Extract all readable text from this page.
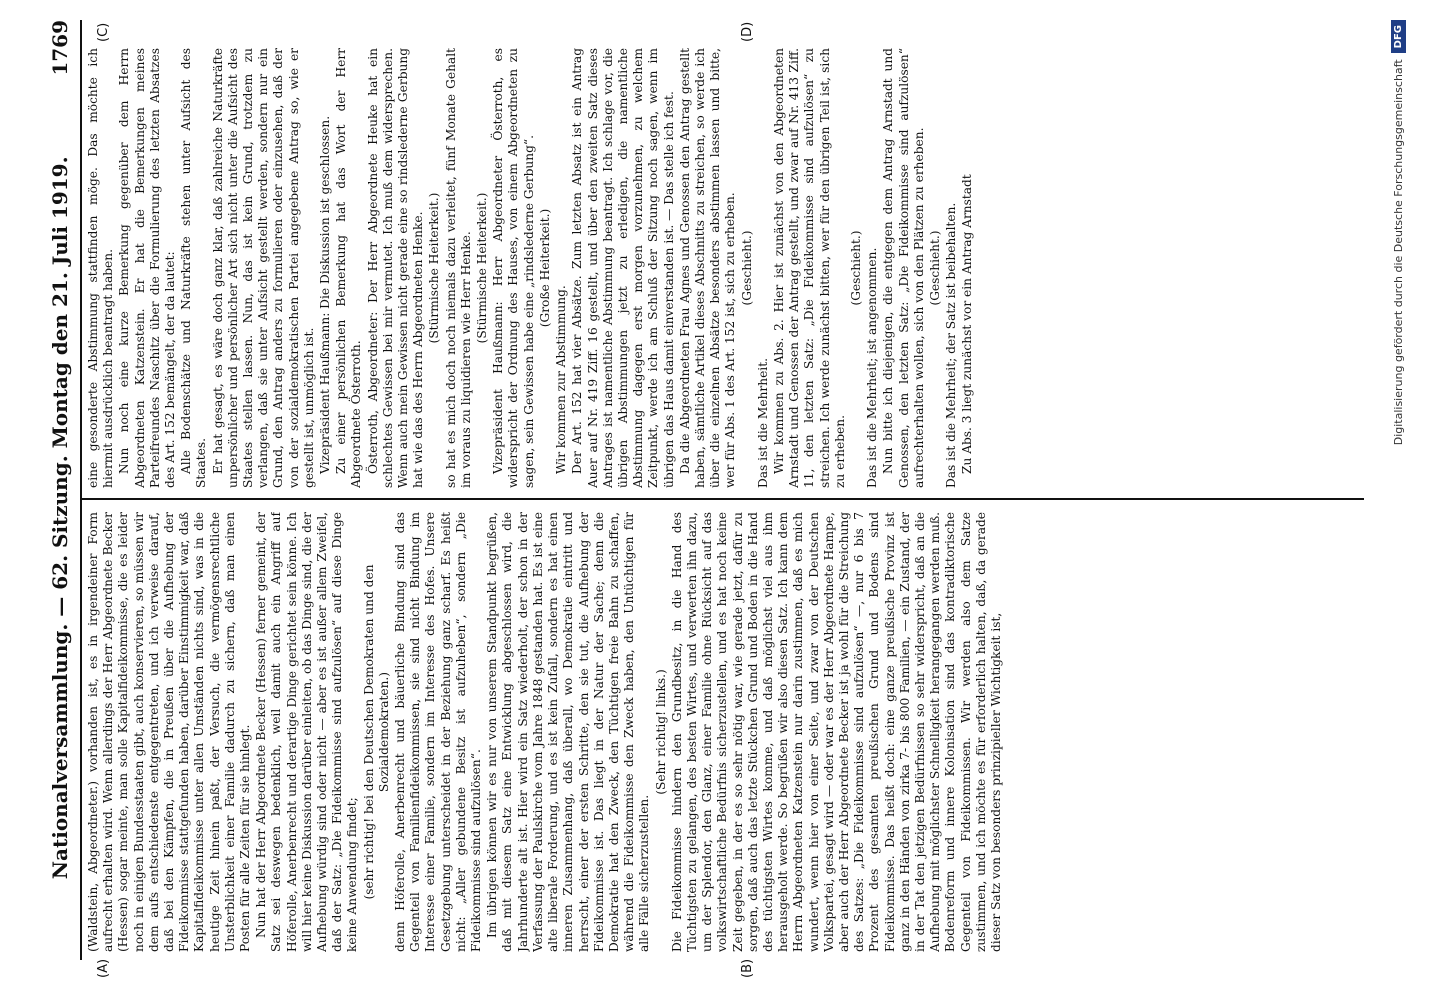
Nationalversammlung. — 62. Sitzung. Montag den 21. Juli 1919.
1769
(A)	(B)
(C)	(D)

(Waldstein, Abgeordneter.) vorhanden ist, es in irgendeiner Form aufrecht erhalten wird. Wenn allerdings der Herr Abgeordnete Becker (Hessen) sogar meinte, man solle Kapitalfideikommisse, die es leider noch in einigen Bundesstaaten gibt, auch konservieren, so müssen wir dem aufs entschiedenste entgegentreten, und ich verweise darauf, daß bei den Kämpfen, die in Preußen über die Aufhebung der Fideikommisse stattgefunden haben, darüber Einstimmigkeit war, daß Kapitalfideikommisse unter allen Umständen nichts sind, was in die heutige Zeit hinein paßt, der Versuch, die vermögensrechtliche Unsterblichkeit einer Familie dadurch zu sichern, daß man einen Posten für alle Zeiten für sie hinlegt. Nun hat der Herr Abgeordnete Becker (Hessen) ferner gemeint, der Satz sei deswegen bedenklich, weil damit auch ein Angriff auf Höferolle, Anerbenrecht und derartige Dinge gerichtet sein könne. Ich will hier keine Diskussion darüber einleiten, ob das Dinge sind, die der Aufhebung würdig sind oder nicht — aber es ist außer allem Zweifel, daß der Satz: „Die Fideikommisse sind aufzulösen“ auf diese Dinge keine Anwendung findet; (sehr richtig! bei den Deutschen Demokraten und den Sozialdemokraten.) denn Höferolle, Anerbenrecht und bäuerliche Bindung sind das Gegenteil von Familienfideikommissen, sie sind nicht Bindung im Interesse einer Familie, sondern im Interesse des Hofes. Unsere Gesetzgebung unterscheidet in der Beziehung ganz scharf. Es heißt nicht: „Aller gebundene Besitz ist aufzuheben“, sondern „Die Fideikommisse sind aufzulösen“. Im übrigen können wir es nur von unserem Standpunkt begrüßen, daß mit diesem Satz eine Entwicklung abgeschlossen wird, die Jahrhunderte alt ist. Hier wird ein Satz wiederholt, der schon in der Verfassung der Paulskirche vom Jahre 1848 gestanden hat. Es ist eine alte liberale Forderung, und es ist kein Zufall, sondern es hat einen inneren Zusammenhang, daß überall, wo Demokratie eintritt und herrscht, einer der ersten Schritte, den sie tut, die Aufhebung der Fideikommisse ist. Das liegt in der Natur der Sache; denn die Demokratie hat den Zweck, den Tüchtigen freie Bahn zu schaffen, während die Fideikommisse den Zweck haben, den Untüchtigen für alle Fälle sicherzustellen.

(Sehr richtig! links.) Die Fideikommisse hindern den Grundbesitz, in die Hand des Tüchtigsten zu gelangen, des besten Wirtes, und verwerten ihn dazu, um der Splendor, den Glanz, einer Familie ohne Rücksicht auf das volkswirtschaftliche Bedürfnis sicherzustellen, und es hat noch keine Zeit gegeben, in der es so sehr nötig war, wie gerade jetzt, dafür zu sorgen, daß auch das letzte Stückchen Grund und Boden in die Hand des tüchtigsten Wirtes komme, und daß möglichst viel aus ihm herausgeholt werde. So begrüßen wir also diesen Satz. Ich kann dem Herrn Abgeordneten Katzenstein nur darin zustimmen, daß es mich wundert, wenn hier von einer Seite, und zwar von der Deutschen Volkspartei, gesagt wird — oder war es der Herr Abgeordnete Hampe, aber auch der Herr Abgeordnete Becker ist ja wohl für die Streichung des Satzes: „Die Fideikommisse sind aufzulösen“ —, nur 6 bis 7 Prozent des gesamten preußischen Grund und Bodens sind Fideikommisse. Das heißt doch: eine ganze preußische Provinz ist ganz in den Händen von zirka 7- bis 800 Familien, — ein Zustand, der in der Tat den jetzigen Bedürfnissen so sehr widerspricht, daß an die Aufhebung mit möglichster Schnelligkeit herangegangen werden muß. Bodenreform und innere Kolonisation sind das kontradiktorische Gegenteil von Fideikommissen. Wir werden also dem Satze zustimmen, und ich möchte es für erforderlich halten, daß, da gerade dieser Satz von besonders prinzipieller Wichtigkeit ist,

eine gesonderte Abstimmung stattfinden möge. Das möchte ich hiermit ausdrücklich beantragt haben. Nun noch eine kurze Bemerkung gegenüber dem Herrn Abgeordneten Katzenstein. Er hat die Bemerkungen meines Parteifreundes Naschitz über die Formulierung des letzten Absatzes des Art. 152 bemängelt, der da lautet: Alle Bodenschätze und Naturkräfte stehen unter Aufsicht des Staates. Er hat gesagt, es wäre doch ganz klar, daß zahlreiche Naturkräfte unpersönlicher und persönlicher Art sich nicht unter die Aufsicht des Staates stellen lassen. Nun, das ist kein Grund, trotzdem zu verlangen, daß sie unter Aufsicht gestellt werden, sondern nur ein Grund, den Antrag anders zu formulieren oder einzusehen, daß der von der sozialdemokratischen Partei angegebene Antrag so, wie er gestellt ist, unmöglich ist. Vizepräsident Haußmann: Die Diskussion ist geschlossen. Zu einer persönlichen Bemerkung hat das Wort der Herr Abgeordnete Österroth. Österroth, Abgeordneter: Der Herr Abgeordnete Heuke hat ein schlechtes Gewissen bei mir vermutet. Ich muß dem widersprechen. Wenn auch mein Gewissen nicht gerade eine so rindslederne Gerbung hat wie das des Herrn Abgeordneten Henke. (Stürmische Heiterkeit.) so hat es mich doch noch niemals dazu verleitet, fünf Monate Gehalt im voraus zu liquidieren wie Herr Henke. (Stürmische Heiterkeit.) Vizepräsident Haußmann: Herr Abgeordneter Österroth, es widerspricht der Ordnung des Hauses, von einem Abgeordneten zu sagen, sein Gewissen habe eine „rindslederne Gerbung“. (Große Heiterkeit.)

Wir kommen zur Abstimmung. Der Art. 152 hat vier Absätze. Zum letzten Absatz ist ein Antrag Auer auf Nr. 419 Ziff. 16 gestellt, und über den zweiten Satz dieses Antrages ist namentliche Abstimmung beantragt. Ich schlage vor, die übrigen Abstimmungen jetzt zu erledigen, die namentliche Abstimmung dagegen erst morgen vorzunehmen, zu welchem Zeitpunkt, werde ich am Schluß der Sitzung noch sagen, wenn im übrigen das Haus damit einverstanden ist. — Das stelle ich fest. Da die Abgeordneten Frau Agnes und Genossen den Antrag gestellt haben, sämtliche Artikel dieses Abschnitts zu streichen, so werde ich über die einzelnen Absätze besonders abstimmen lassen und bitte, wer für Abs. 1 des Art. 152 ist, sich zu erheben. (Geschieht.)

Das ist die Mehrheit. Wir kommen zu Abs. 2. Hier ist zunächst von den Abgeordneten Arnstadt und Genossen der Antrag gestellt, und zwar auf Nr. 413 Ziff. 11, den letzten Satz: „Die Fideikommisse sind aufzulösen“ zu streichen. Ich werde zunächst bitten, wer für den übrigen Teil ist, sich zu erheben.

(Geschieht.) Das ist die Mehrheit; ist angenommen. Nun bitte ich diejenigen, die entgegen dem Antrag Arnstadt und Genossen, den letzten Satz: „Die Fideikommisse sind aufzulösen“ aufrechterhalten wollen, sich von den Plätzen zu erheben. (Geschieht.) Das ist die Mehrheit; der Satz ist beibehalten. Zu Abs. 3 liegt zunächst vor ein Antrag Arnstadt	Digitalisierung gefördert durch die Deutsche Forschungsgemeinschaft
DFG
